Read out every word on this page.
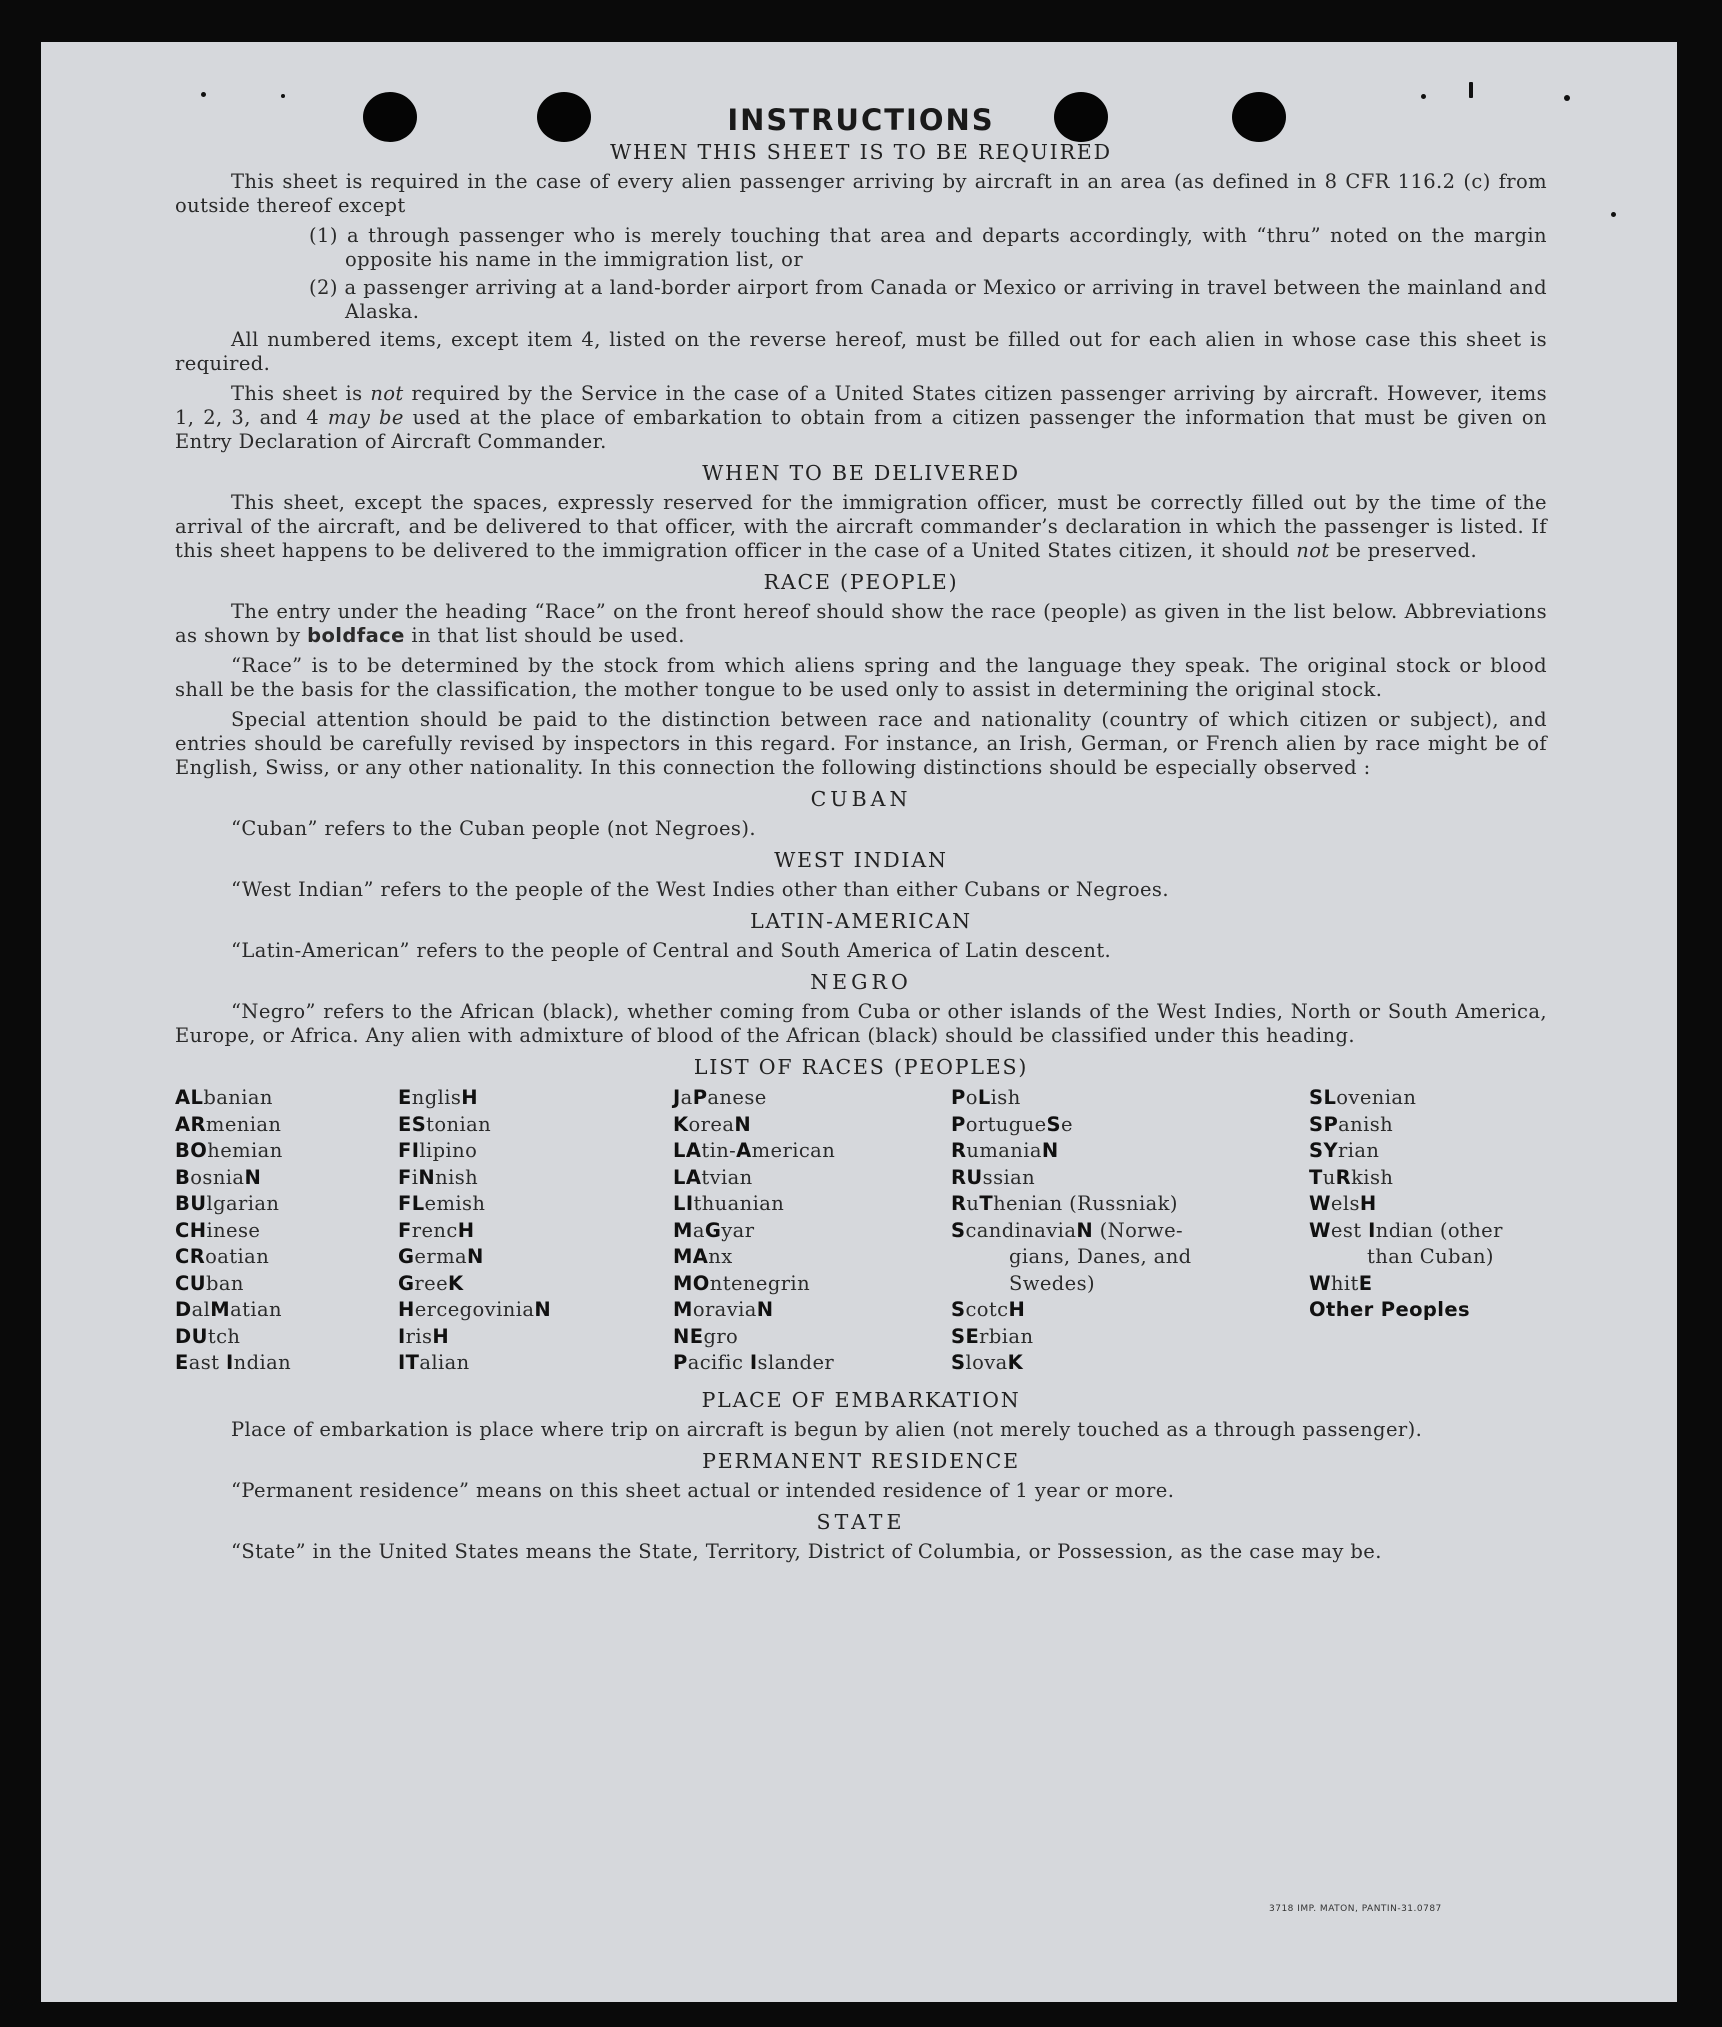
INSTRUCTIONS
WHEN THIS SHEET IS TO BE REQUIRED

This sheet is required in the case of every alien passenger arriving by aircraft in an area (as defined in 8 CFR 116.2 (c) from outside thereof except

(1) a through passenger who is merely touching that area and departs accordingly, with “thru” noted on the margin opposite his name in the immigration list, or
(2) a passenger arriving at a land-border airport from Canada or Mexico or arriving in travel between the mainland and Alaska.

All numbered items, except item 4, listed on the reverse hereof, must be filled out for each alien in whose case this sheet is required.

This sheet is not required by the Service in the case of a United States citizen passenger arriving by aircraft. However, items 1, 2, 3, and 4 may be used at the place of embarkation to obtain from a citizen passenger the information that must be given on Entry Declaration of Aircraft Commander.

WHEN TO BE DELIVERED

This sheet, except the spaces, expressly reserved for the immigration officer, must be correctly filled out by the time of the arrival of the aircraft, and be delivered to that officer, with the aircraft commander’s declaration in which the passenger is listed. If this sheet happens to be delivered to the immigration officer in the case of a United States citizen, it should not be preserved.

RACE (PEOPLE)

The entry under the heading “Race” on the front hereof should show the race (people) as given in the list below. Abbreviations as shown by boldface in that list should be used.

“Race” is to be determined by the stock from which aliens spring and the language they speak. The original stock or blood shall be the basis for the classification, the mother tongue to be used only to assist in determining the original stock.

Special attention should be paid to the distinction between race and nationality (country of which citizen or subject), and entries should be carefully revised by inspectors in this regard. For instance, an Irish, German, or French alien by race might be of English, Swiss, or any other nationality. In this connection the following distinctions should be especially observed :

CUBAN
“Cuban” refers to the Cuban people (not Negroes).
WEST INDIAN
“West Indian” refers to the people of the West Indies other than either Cubans or Negroes.
LATIN-AMERICAN
“Latin-American” refers to the people of Central and South America of Latin descent.
NEGRO

“Negro” refers to the African (black), whether coming from Cuba or other islands of the West Indies, North or South America, Europe, or Africa. Any alien with admixture of blood of the African (black) should be classified under this heading.

LIST OF RACES (PEOPLES)
ALbanian
ARmenian
BOhemian
BosniaN
BUlgarian
CHinese
CRoatian
CUban
DalMatian
DUtch
East Indian
EnglisH
EStonian
FIlipino
FiNnish
FLemish
FrencH
GermaN
GreeK
HercegoviniaN
IrisH
ITalian
JaPanese
KoreaN
LAtin-American
LAtvian
LIthuanian
MaGyar
MAnx
MOntenegrin
MoraviaN
NEgro
Pacific Islander
PoLish
PortugueSe
RumaniaN
RUssian
RuThenian (Russniak)
ScandinaviaN (Norwe-
gians, Danes, and
Swedes)
ScotcH
SErbian
SlovaK
SLovenian
SPanish
SYrian
TuRkish
WelsH
West Indian (other
than Cuban)
WhitE
Other Peoples
PLACE OF EMBARKATION

Place of embarkation is place where trip on aircraft is begun by alien (not merely touched as a through passenger).

PERMANENT RESIDENCE
“Permanent residence” means on this sheet actual or intended residence of 1 year or more.
STATE
“State” in the United States means the State, Territory, District of Columbia, or Possession, as the case may be.
3718 IMP. MATON, PANTIN-31.0787
